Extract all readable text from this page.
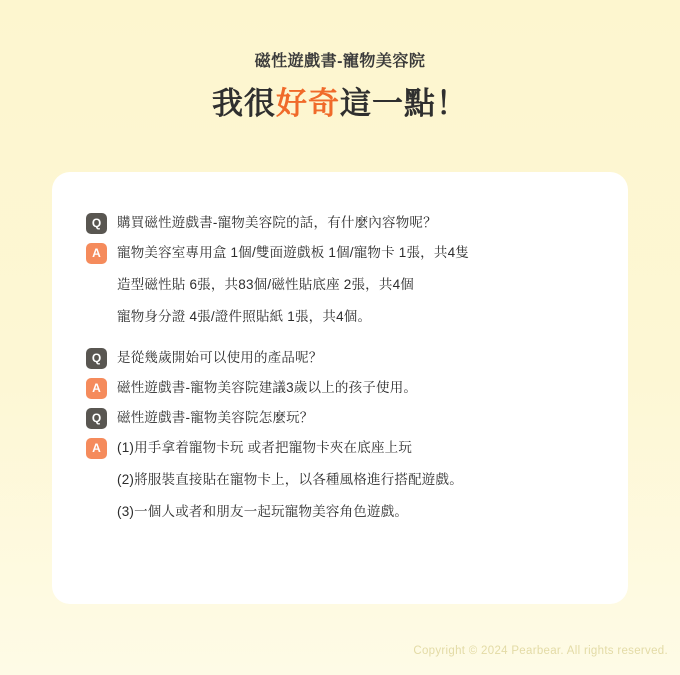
磁性遊戲書-寵物美容院
我很好奇這一點！
Q	購買磁性遊戲書-寵物美容院的話，有什麼內容物呢？
A	寵物美容室專用盒 1個/雙面遊戲板 1個/寵物卡 1張，共4隻
造型磁性貼 6張，共83個/磁性貼底座 2張，共4個
寵物身分證 4張/證件照貼紙 1張，共4個。
Q	是從幾歲開始可以使用的產品呢？
A	磁性遊戲書-寵物美容院建議3歲以上的孩子使用。
Q	磁性遊戲書-寵物美容院怎麼玩？
A	(1)用手拿着寵物卡玩 或者把寵物卡夾在底座上玩
(2)將服裝直接貼在寵物卡上，以各種風格進行搭配遊戲。
(3)一個人或者和朋友一起玩寵物美容角色遊戲。
Copyright © 2024 Pearbear. All rights reserved.
